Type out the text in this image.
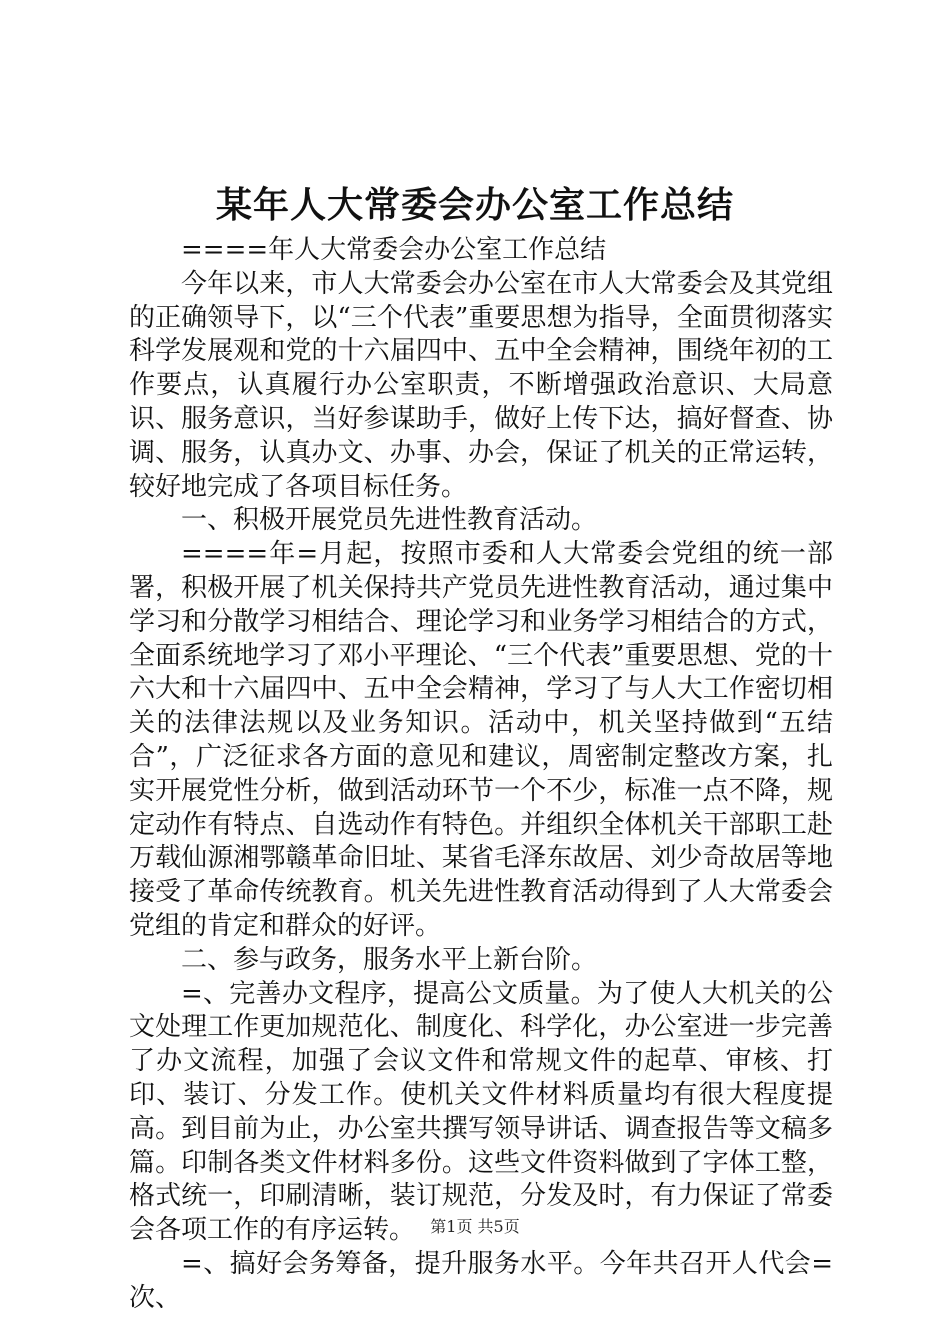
某年人大常委会办公室工作总结

====年人大常委会办公室工作总结

今年以来，市人大常委会办公室在市人大常委会及其党组的正确领导下，以“三个代表”重要思想为指导，全面贯彻落实科学发展观和党的十六届四中、五中全会精神，围绕年初的工作要点，认真履行办公室职责，不断增强政治意识、大局意识、服务意识，当好参谋助手，做好上传下达，搞好督查、协调、服务，认真办文、办事、办会，保证了机关的正常运转，较好地完成了各项目标任务。

一、积极开展党员先进性教育活动。

====年=月起，按照市委和人大常委会党组的统一部署，积极开展了机关保持共产党员先进性教育活动，通过集中学习和分散学习相结合、理论学习和业务学习相结合的方式，全面系统地学习了邓小平理论、“三个代表”重要思想、党的十六大和十六届四中、五中全会精神，学习了与人大工作密切相关的法律法规以及业务知识。活动中，机关坚持做到“五结合”，广泛征求各方面的意见和建议，周密制定整改方案，扎实开展党性分析，做到活动环节一个不少，标准一点不降，规定动作有特点、自选动作有特色。并组织全体机关干部职工赴万载仙源湘鄂赣革命旧址、某省毛泽东故居、刘少奇故居等地接受了革命传统教育。机关先进性教育活动得到了人大常委会党组的肯定和群众的好评。

二、参与政务，服务水平上新台阶。

=、完善办文程序，提高公文质量。为了使人大机关的公文处理工作更加规范化、制度化、科学化，办公室进一步完善了办文流程，加强了会议文件和常规文件的起草、审核、打印、装订、分发工作。使机关文件材料质量均有很大程度提高。到目前为止，办公室共撰写领导讲话、调查报告等文稿多篇。印制各类文件材料多份。这些文件资料做到了字体工整，格式统一，印刷清晰，装订规范，分发及时，有力保证了常委会各项工作的有序运转。

=、搞好会务筹备，提升服务水平。今年共召开人代会=次、

第1页 共5页
